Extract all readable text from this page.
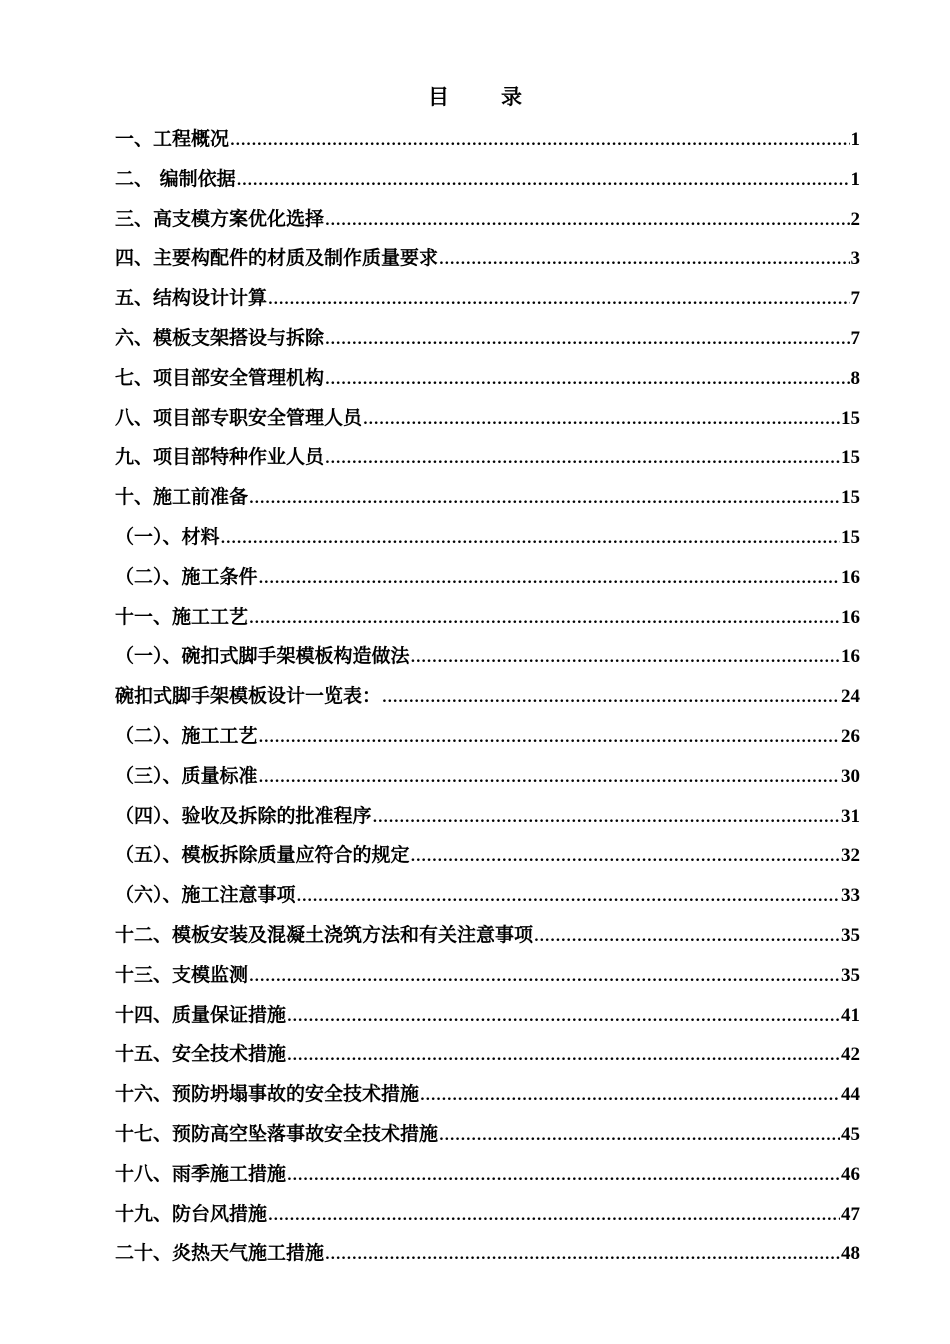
目 录
一、工程概况 .....	1
二、 编制依据 .....	1
三、高支模方案优化选择 .....	2
四、主要构配件的材质及制作质量要求 .....	3
五、结构设计计算 .....	7
六、模板支架搭设与拆除 .....	7
七、项目部安全管理机构 .....	8
八、项目部专职安全管理人员 .....	15
九、项目部特种作业人员 .....	15
十、施工前准备 .....	15
（一）、材料 .....	15
（二）、施工条件 .....	16
十一、施工工艺 .....	16
（一）、碗扣式脚手架模板构造做法 .....	16
碗扣式脚手架模板设计一览表： .....	24
（二）、施工工艺 .....	26
（三）、质量标准 .....	30
（四）、验收及拆除的批准程序 .....	31
（五）、模板拆除质量应符合的规定 .....	32
（六）、施工注意事项 .....	33
十二、模板安装及混凝土浇筑方法和有关注意事项 .....	35
十三、支模监测 .....	35
十四、质量保证措施 .....	41
十五、安全技术措施 .....	42
十六、预防坍塌事故的安全技术措施 .....	44
十七、预防高空坠落事故安全技术措施 .....	45
十八、雨季施工措施 .....	46
十九、防台风措施 .....	47
二十、炎热天气施工措施 .....	48
